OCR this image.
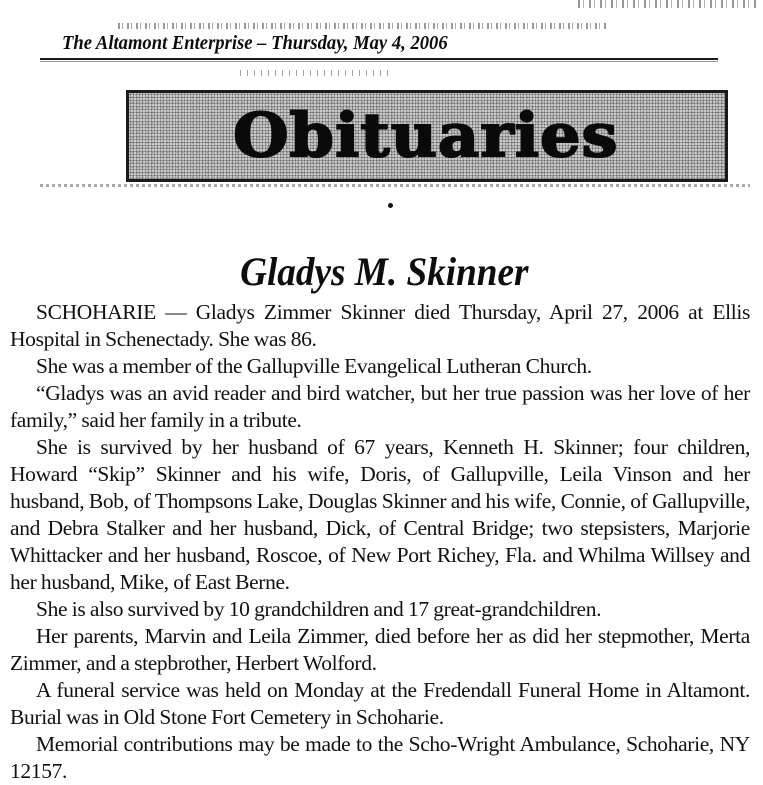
The Altamont Enterprise – Thursday, May 4, 2006
Obituaries
Gladys M. Skinner

SCHOHARIE — Gladys Zimmer Skinner died Thursday, April 27, 2006 at Ellis Hospital in Schenectady. She was 86.

She was a member of the Gallupville Evangelical Lutheran Church.

“Gladys was an avid reader and bird watcher, but her true passion was her love of her family,” said her family in a tribute.

She is survived by her husband of 67 years, Kenneth H. Skinner; four children, Howard “Skip” Skinner and his wife, Doris, of Gallupville, Leila Vinson and her husband, Bob, of Thompsons Lake, Douglas Skinner and his wife, Connie, of Gallupville, and Debra Stalker and her husband, Dick, of Central Bridge; two stepsisters, Marjorie Whittacker and her husband, Roscoe, of New Port Richey, Fla. and Whilma Willsey and her husband, Mike, of East Berne.

She is also survived by 10 grandchildren and 17 great-grandchildren.

Her parents, Marvin and Leila Zimmer, died before her as did her stepmother, Merta Zimmer, and a stepbrother, Herbert Wolford.

A funeral service was held on Monday at the Fredendall Funeral Home in Altamont. Burial was in Old Stone Fort Cemetery in Schoharie.

Memorial contributions may be made to the Scho-Wright Ambulance, Schoharie, NY 12157.
